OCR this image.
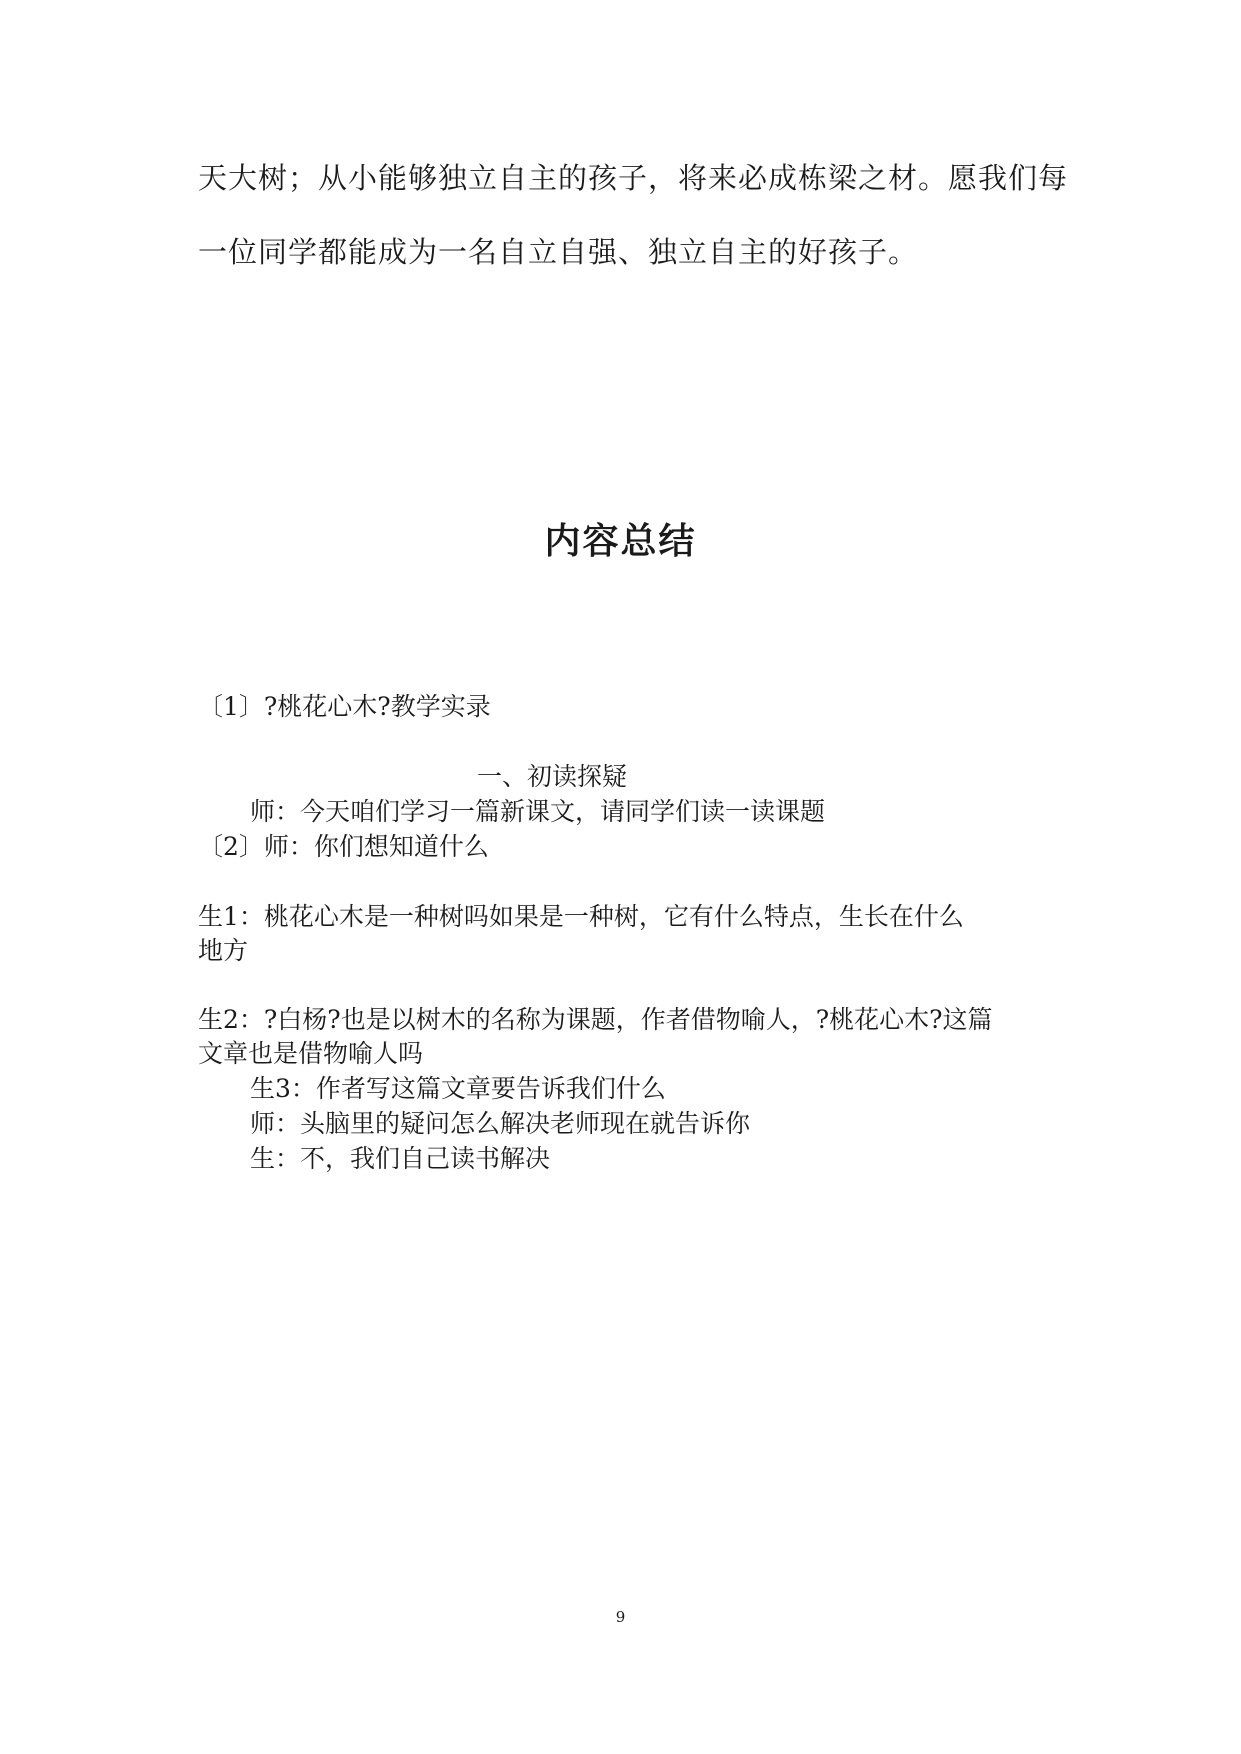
天大树；从小能够独立自主的孩子，将来必成栋梁之材。愿我们每
一位同学都能成为一名自立自强、独立自主的好孩子。
内容总结
〔1〕?桃花心木?教学实录
一、初读探疑
师：今天咱们学习一篇新课文，请同学们读一读课题
〔2〕师：你们想知道什么
生1：桃花心木是一种树吗如果是一种树，它有什么特点，生长在什么
地方
生2：?白杨?也是以树木的名称为课题，作者借物喻人，?桃花心木?这篇
文章也是借物喻人吗
生3：作者写这篇文章要告诉我们什么
师：头脑里的疑问怎么解决老师现在就告诉你
生：不，我们自己读书解决
9
